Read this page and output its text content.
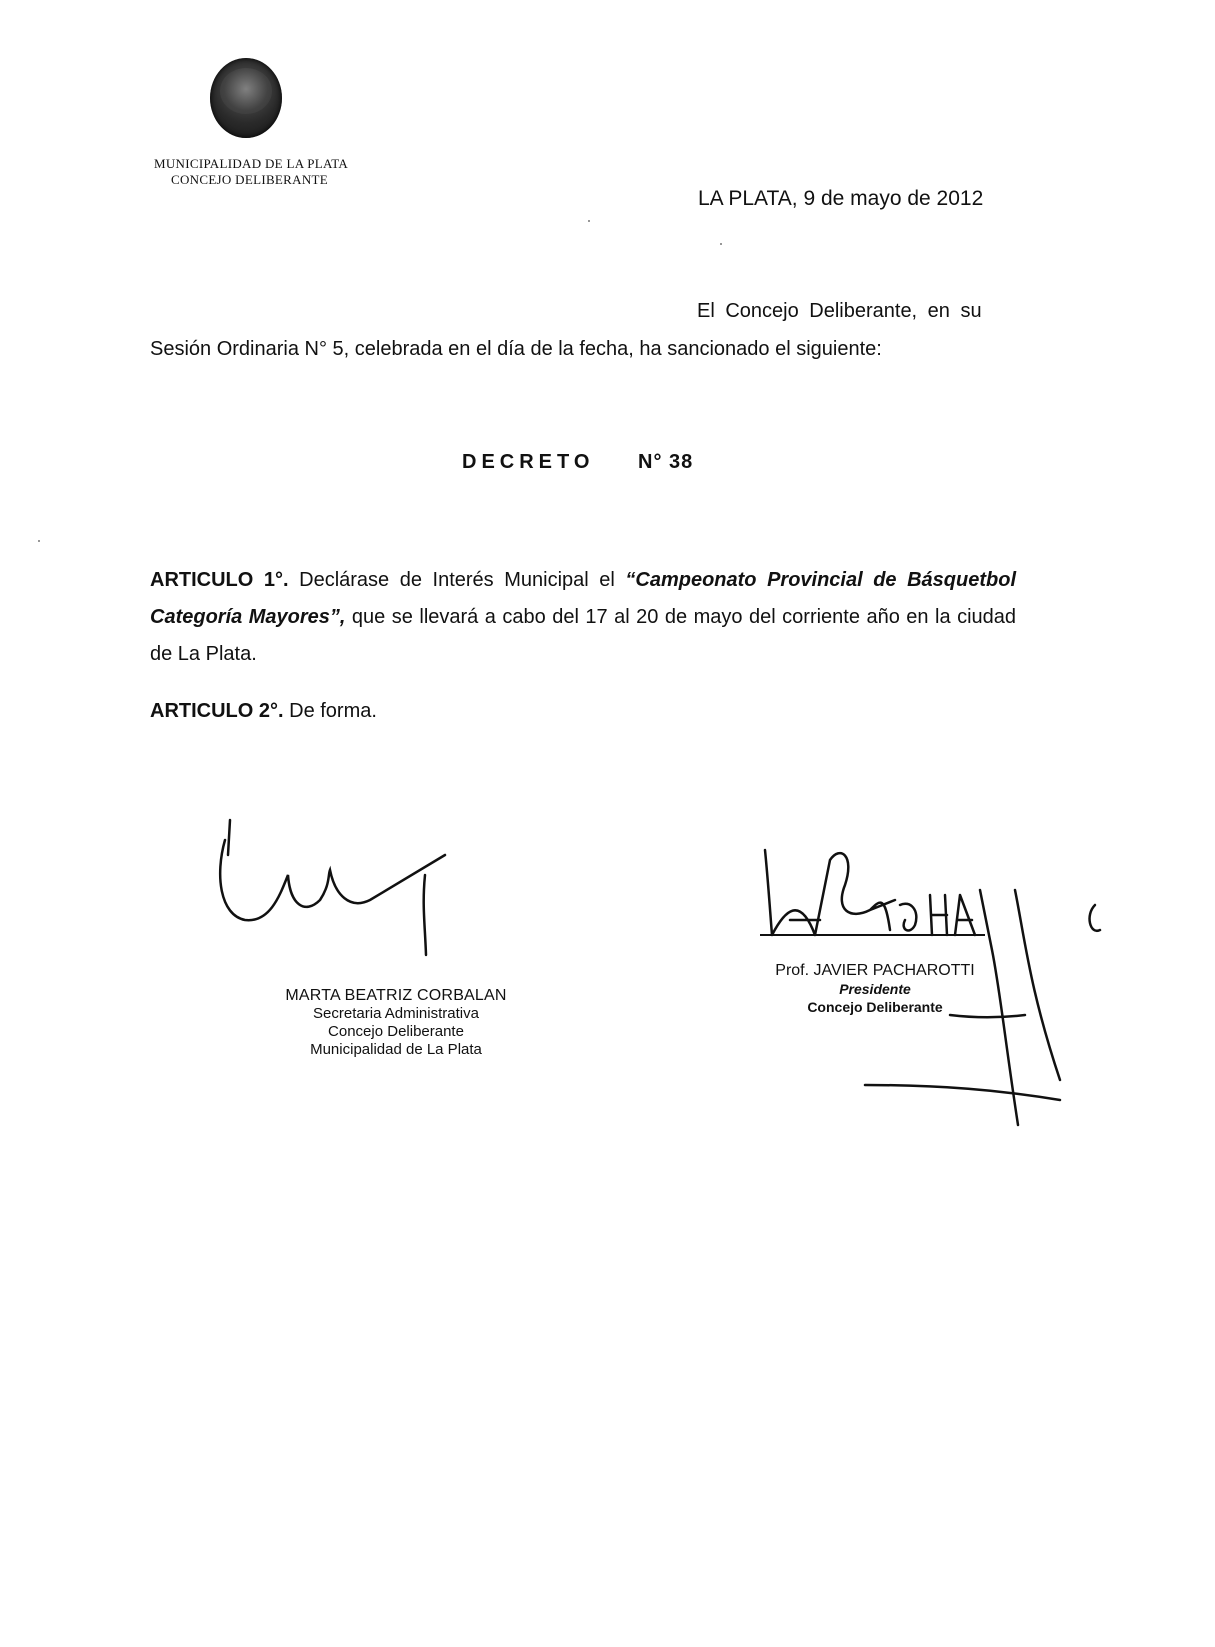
MUNICIPALIDAD DE LA PLATA
CONCEJO DELIBERANTE
LA PLATA, 9 de mayo de 2012
El Concejo Deliberante, en su
Sesión Ordinaria N° 5, celebrada en el día de la fecha, ha sancionado el siguiente:
DECRETO N° 38
ARTICULO 1°. Declárase de Interés Municipal el “Campeonato Provincial de Básquetbol Categoría Mayores”, que se llevará a cabo del 17 al 20 de mayo del corriente año en la ciudad de La Plata.
ARTICULO 2°. De forma.
MARTA BEATRIZ CORBALAN
Secretaria Administrativa
Concejo Deliberante
Municipalidad de La Plata
Prof. JAVIER PACHAROTTI
Presidente
Concejo Deliberante
